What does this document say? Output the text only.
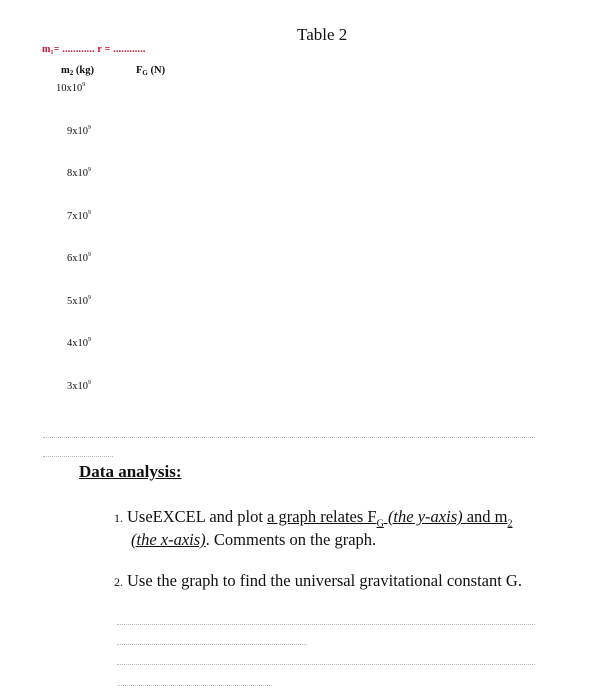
Table 2
$m_1=$ ............ r = ............
$m_2$ (kg)	$F_G$ (N)
$10x10^9$
$9x10^9$
$8x10^9$
$7x10^9$
$6x10^9$
$5x10^9$
$4x10^9$
$3x10^9$
Data analysis:
1. UseEXCEL and plot a graph relates $F_G$ (the y-axis) and $m_2$
(the x-axis). Comments on the graph.
2. Use the graph to find the universal gravitational constant G.
